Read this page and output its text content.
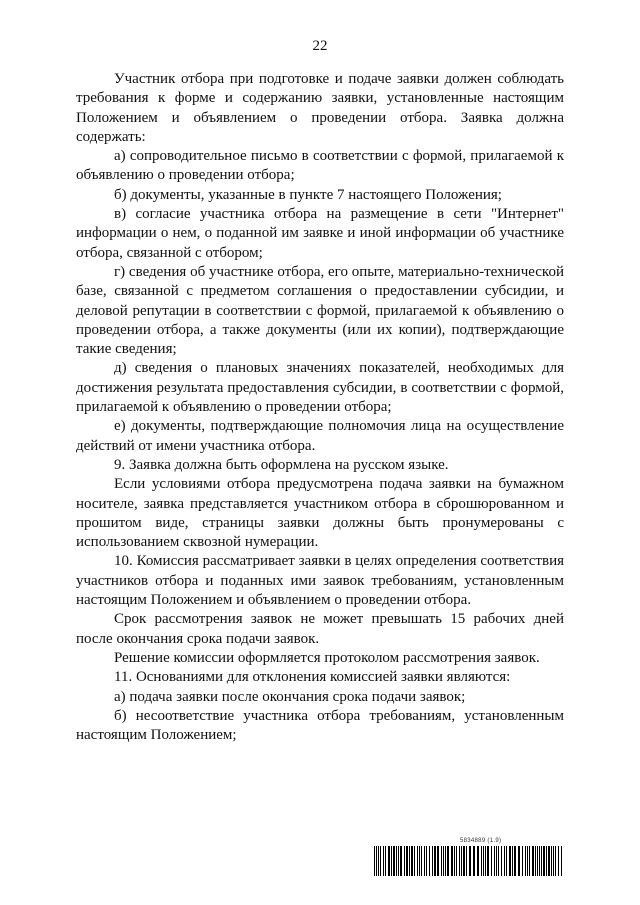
22

Участник отбора при подготовке и подаче заявки должен соблюдать требования к форме и содержанию заявки, установленные настоящим Положением и объявлением о проведении отбора. Заявка должна содержать:

а) сопроводительное письмо в соответствии с формой, прилагаемой к объявлению о проведении отбора;

б) документы, указанные в пункте 7 настоящего Положения;

в) согласие участника отбора на размещение в сети "Интернет" информации о нем, о поданной им заявке и иной информации об участнике отбора, связанной с отбором;

г) сведения об участнике отбора, его опыте, материально-технической базе, связанной с предметом соглашения о предоставлении субсидии, и деловой репутации в соответствии с формой, прилагаемой к объявлению о проведении отбора, а также документы (или их копии), подтверждающие такие сведения;

д) сведения о плановых значениях показателей, необходимых для достижения результата предоставления субсидии, в соответствии с формой, прилагаемой к объявлению о проведении отбора;

е) документы, подтверждающие полномочия лица на осуществление действий от имени участника отбора.

9. Заявка должна быть оформлена на русском языке.

Если условиями отбора предусмотрена подача заявки на бумажном носителе, заявка представляется участником отбора в сброшюрованном и прошитом виде, страницы заявки должны быть пронумерованы с использованием сквозной нумерации.

10. Комиссия рассматривает заявки в целях определения соответствия участников отбора и поданных ими заявок требованиям, установленным настоящим Положением и объявлением о проведении отбора.

Срок рассмотрения заявок не может превышать 15 рабочих дней после окончания срока подачи заявок.

Решение комиссии оформляется протоколом рассмотрения заявок.

11. Основаниями для отклонения комиссией заявки являются:

а) подача заявки после окончания срока подачи заявок;

б) несоответствие участника отбора требованиям, установленным настоящим Положением;

5834889 (1.9)
